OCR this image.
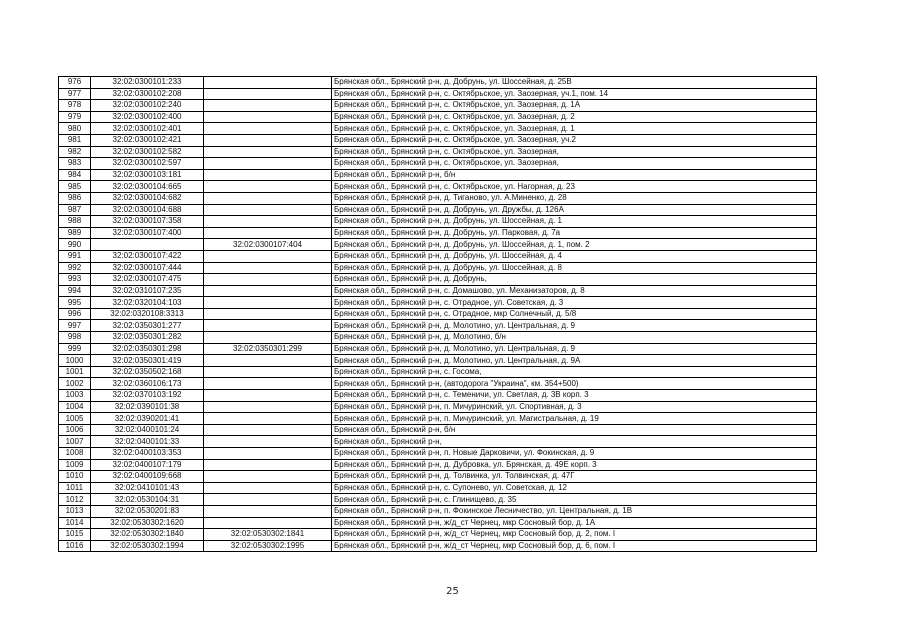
976	32:02:0300101:233		Брянская обл., Брянский р-н, д. Добрунь, ул. Шоссейная, д. 25В
977	32:02:0300102:208		Брянская обл., Брянский р-н, с. Октябрьское, ул. Заозерная, уч.1, пом. 14
978	32:02:0300102:240		Брянская обл., Брянский р-н, с. Октябрьское, ул. Заозерная, д. 1А
979	32:02:0300102:400		Брянская обл., Брянский р-н, с. Октябрьское, ул. Заозерная, д. 2
980	32:02:0300102:401		Брянская обл., Брянский р-н, с. Октябрьское, ул. Заозерная, д. 1
981	32:02:0300102:421		Брянская обл., Брянский р-н, с. Октябрьское, ул. Заозерная, уч.2
982	32:02:0300102:582		Брянская обл., Брянский р-н, с. Октябрьское, ул. Заозерная,
983	32:02:0300102:597		Брянская обл., Брянский р-н, с. Октябрьское, ул. Заозерная,
984	32:02:0300103:181		Брянская обл., Брянский р-н, б/н
985	32:02:0300104:665		Брянская обл., Брянский р-н, с. Октябрьское, ул. Нагорная, д. 23
986	32:02:0300104:682		Брянская обл., Брянский р-н, д. Тиганово, ул. А.Миненко, д. 28
987	32:02:0300104:688		Брянская обл., Брянский р-н, д. Добрунь, ул. Дружбы, д. 126А
988	32:02:0300107:358		Брянская обл., Брянский р-н, д. Добрунь, ул. Шоссейная, д. 1
989	32:02:0300107:400		Брянская обл., Брянский р-н, д. Добрунь, ул. Парковая, д. 7а
990		32:02:0300107:404	Брянская обл., Брянский р-н, д. Добрунь, ул. Шоссейная, д. 1, пом. 2
991	32:02:0300107:422		Брянская обл., Брянский р-н, д. Добрунь, ул. Шоссейная, д. 4
992	32:02:0300107:444		Брянская обл., Брянский р-н, д. Добрунь, ул. Шоссейная, д. 8
993	32:02:0300107:475		Брянская обл., Брянский р-н, д. Добрунь,
994	32:02:0310107:235		Брянская обл., Брянский р-н, с. Домашово, ул. Механизаторов, д. 8
995	32:02:0320104:103		Брянская обл., Брянский р-н, с. Отрадное, ул. Советская, д. 3
996	32:02:0320108:3313		Брянская обл., Брянский р-н, с. Отрадное, мкр Солнечный, д. 5/8
997	32:02:0350301:277		Брянская обл., Брянский р-н, д. Молотино, ул. Центральная, д. 9
998	32:02:0350301:282		Брянская обл., Брянский р-н, д. Молотино, б/н
999	32:02:0350301:298	32:02:0350301:299	Брянская обл., Брянский р-н, д. Молотино, ул. Центральная, д. 9
1000	32:02:0350301:419		Брянская обл., Брянский р-н, д. Молотино, ул. Центральная, д. 9А
1001	32:02:0350502:168		Брянская обл., Брянский р-н, с. Госома,
1002	32:02:0360106:173		Брянская обл., Брянский р-н, (автодорога "Украина", км. 354+500)
1003	32:02:0370103:192		Брянская обл., Брянский р-н, с. Теменичи, ул. Светлая, д. 3В корп. 3
1004	32:02:0390101:38		Брянская обл., Брянский р-н, п. Мичуринский, ул. Спортивная, д. 3
1005	32:02:0390201:41		Брянская обл., Брянский р-н, п. Мичуринский, ул. Магистральная, д. 19
1006	32:02:0400101:24		Брянская обл., Брянский р-н, б/н
1007	32:02:0400101:33		Брянская обл., Брянский р-н,
1008	32:02:0400103:353		Брянская обл., Брянский р-н, п. Новые Дарковичи, ул. Фокинская, д. 9
1009	32:02:0400107:179		Брянская обл., Брянский р-н, д. Дубровка, ул. Брянская, д. 49Е корп. 3
1010	32:02:0400109:668		Брянская обл., Брянский р-н, д. Толвинка, ул. Толвинская, д. 47Г
1011	32:02:0410101:43		Брянская обл., Брянский р-н, с. Супонево, ул. Советская, д. 12
1012	32:02:0530104:31		Брянская обл., Брянский р-н, с. Глинищево, д. 35
1013	32:02:0530201:83		Брянская обл., Брянский р-н, п. Фокинское Лесничество, ул. Центральная, д. 1В
1014	32:02:0530302:1620		Брянская обл., Брянский р-н, ж/д_ст Чернец, мкр Сосновый бор, д. 1А
1015	32:02:0530302:1840	32:02:0530302:1841	Брянская обл., Брянский р-н, ж/д_ст Чернец, мкр Сосновый бор, д. 2, пом. I
1016	32:02:0530302:1994	32:02:0530302:1995	Брянская обл., Брянский р-н, ж/д_ст Чернец, мкр Сосновый бор, д. 6, пом. I
25
